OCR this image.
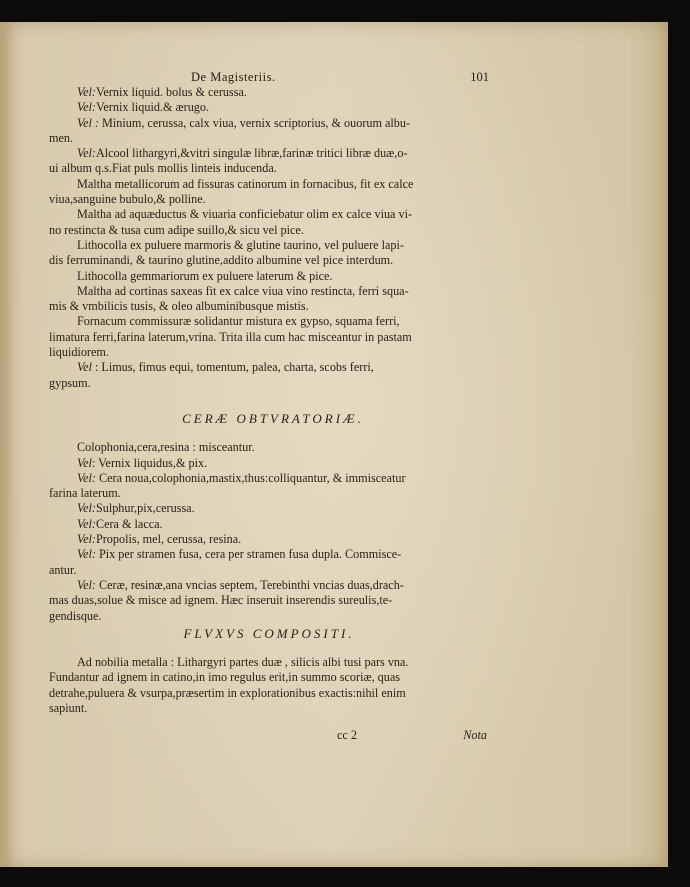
De Magisteriis.	101

Vel:Vernix liquid. bolus & cerussa.

Vel:Vernix liquid.& ærugo.

Vel : Minium, cerussa, calx viua, vernix scriptorius, & ouorum albu-

men.

Vel:Alcool lithargyri,&vitri singulæ libræ,farinæ tritici libræ duæ,o-

ui album q.s.Fiat puls mollis linteis inducenda.

Maltha metallicorum ad fissuras catinorum in fornacibus, fit ex calce

viua,sanguine bubulo,& polline.

Maltha ad aquæductus & viuaria conficiebatur olim ex calce viua vi-

no restincta & tusa cum adipe suillo,& sicu vel pice.

Lithocolla ex puluere marmoris & glutine taurino, vel puluere lapi-

dis ferruminandi, & taurino glutine,addito albumine vel pice interdum.

Lithocolla gemmariorum ex puluere laterum & pice.

Maltha ad cortinas saxeas fit ex calce viua vino restincta, ferri squa-

mis & vmbilicis tusis, & oleo albuminibusque mistis.

Fornacum commissuræ solidantur mistura ex gypso, squama ferri,

limatura ferri,farina laterum,vrina. Trita illa cum hac misceantur in pastam

liquidiorem.

Vel : Limus, fimus equi, tomentum, palea, charta, scobs ferri,

gypsum.

CERÆ OBTVRATORIÆ.

Colophonia,cera,resina : misceantur.

Vel: Vernix liquidus,& pix.

Vel: Cera noua,colophonia,mastix,thus:colliquantur, & immisceatur

farina laterum.

Vel:Sulphur,pix,cerussa.

Vel:Cera & lacca.

Vel:Propolis, mel, cerussa, resina.

Vel: Pix per stramen fusa, cera per stramen fusa dupla. Commisce-

antur.

Vel: Ceræ, resinæ,ana vncias septem, Terebinthi vncias duas,drach-

mas duas,solue & misce ad ignem. Hæc inseruit inserendis sureulis,te-

gendisque.

FLVXVS COMPOSITI.

Ad nobilia metalla : Lithargyri partes duæ , silicis albi tusi pars vna.

Fundantur ad ignem in catino,in imo regulus erit,in summo scoriæ, quas

detrahe,puluera & vsurpa,præsertim in explorationibus exactis:nihil enim

sapiunt.

cc 2	Nota
